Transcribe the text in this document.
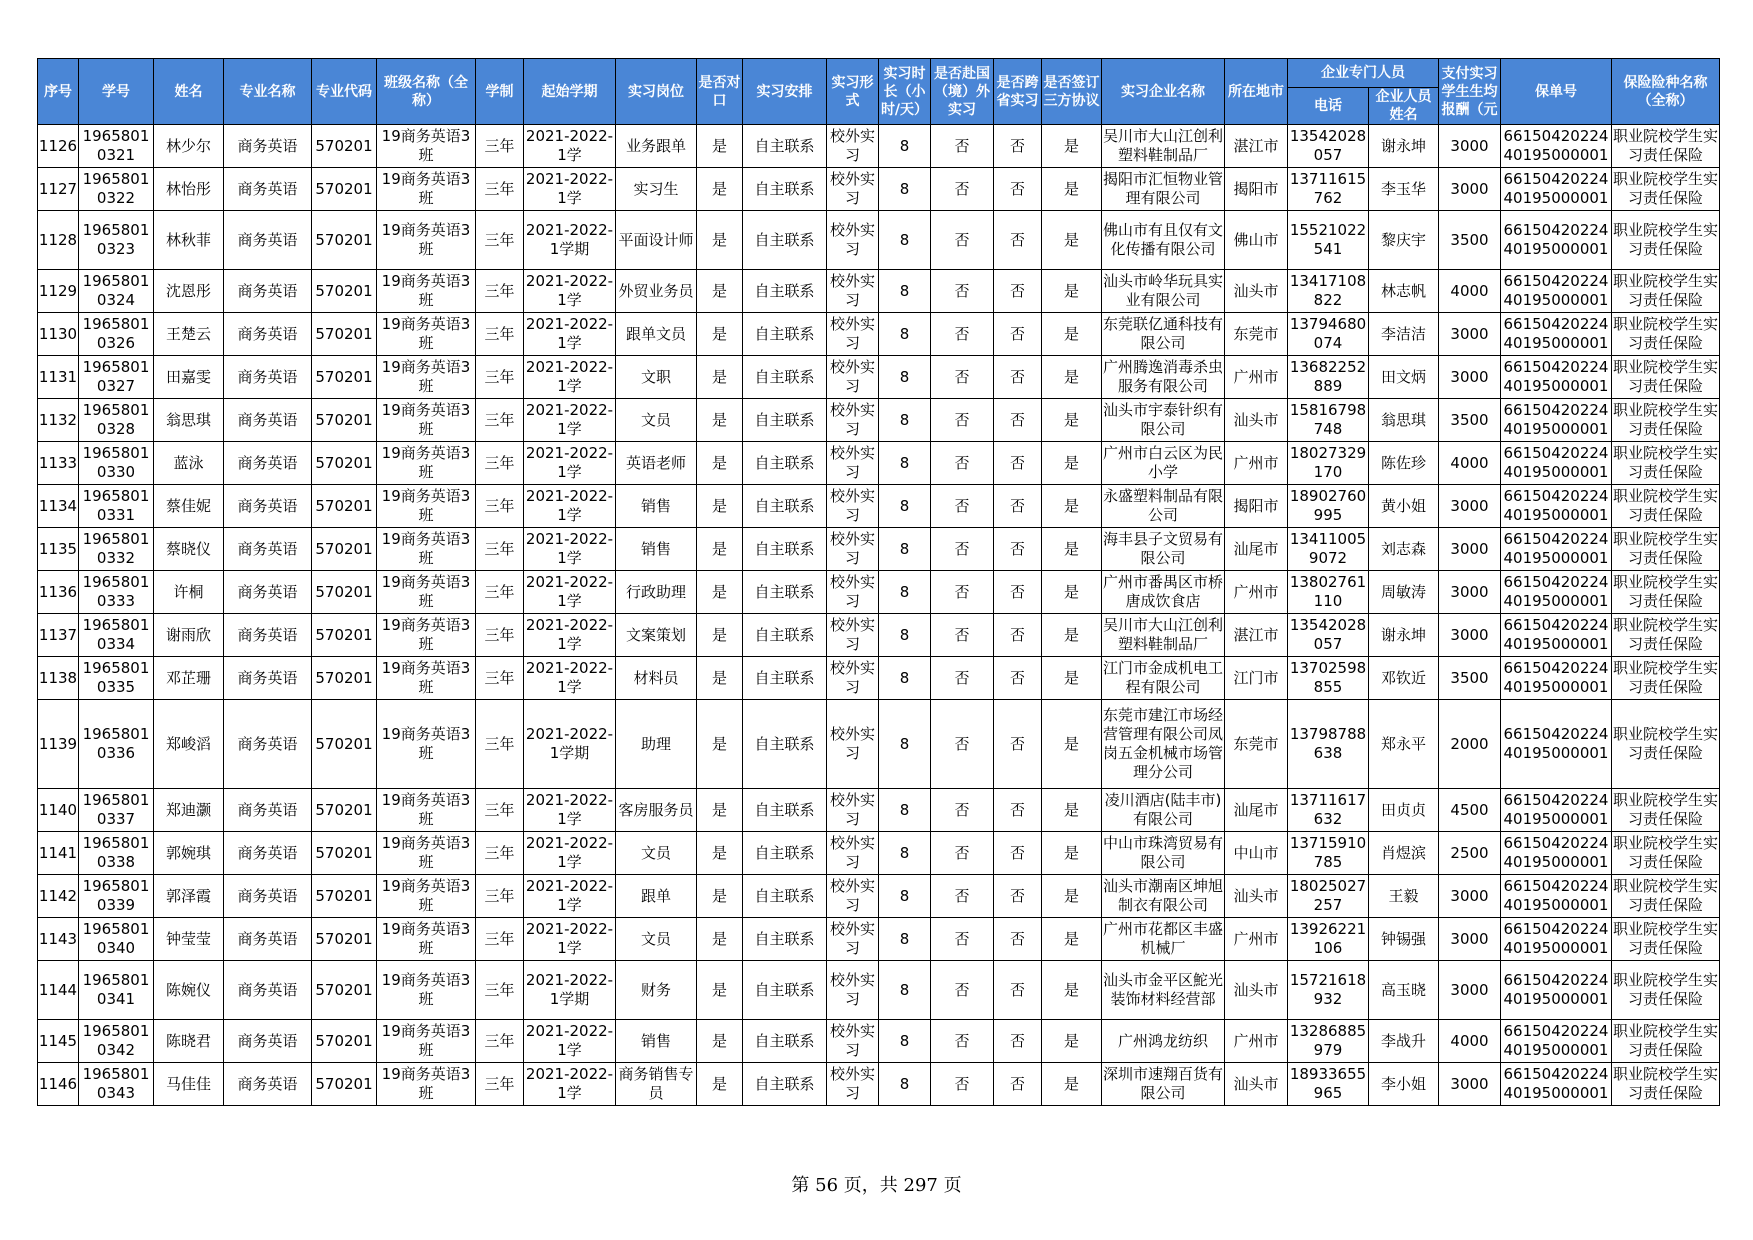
序号	学号	姓名	专业名称	专业代码	班级名称（全称）	学制	起始学期	实习岗位	是否对口	实习安排	实习形式	实习时长（小时/天）	是否赴国（境）外实习	是否跨省实习	是否签订三方协议	实习企业名称	所在地市	企业专门人员		支付实习学生生均报酬（元	保单号	保险险种名称（全称）
																		电话	企业人员姓名			

1126	19658010321	林少尔	商务英语	570201	19商务英语3班	三年	2021-2022-1学	业务跟单	是	自主联系	校外实习	8	否	否	是	吴川市大山江创利塑料鞋制品厂	湛江市	13542028057	谢永坤	3000	6615042022440195000001	职业院校学生实习责任保险

1127	19658010322	林怡彤	商务英语	570201	19商务英语3班	三年	2021-2022-1学	实习生	是	自主联系	校外实习	8	否	否	是	揭阳市汇恒物业管理有限公司	揭阳市	13711615762	李玉华	3000	6615042022440195000001	职业院校学生实习责任保险

1128	19658010323	林秋菲	商务英语	570201	19商务英语3班	三年	2021-2022-1学期	平面设计师	是	自主联系	校外实习	8	否	否	是	佛山市有且仅有文化传播有限公司	佛山市	15521022541	黎庆宇	3500	6615042022440195000001	职业院校学生实习责任保险

1129	19658010324	沈恩彤	商务英语	570201	19商务英语3班	三年	2021-2022-1学	外贸业务员	是	自主联系	校外实习	8	否	否	是	汕头市岭华玩具实业有限公司	汕头市	13417108822	林志帆	4000	6615042022440195000001	职业院校学生实习责任保险

1130	19658010326	王楚云	商务英语	570201	19商务英语3班	三年	2021-2022-1学	跟单文员	是	自主联系	校外实习	8	否	否	是	东莞联亿通科技有限公司	东莞市	13794680074	李洁洁	3000	6615042022440195000001	职业院校学生实习责任保险

1131	19658010327	田嘉雯	商务英语	570201	19商务英语3班	三年	2021-2022-1学	文职	是	自主联系	校外实习	8	否	否	是	广州腾逸消毒杀虫服务有限公司	广州市	13682252889	田文炳	3000	6615042022440195000001	职业院校学生实习责任保险

1132	19658010328	翁思琪	商务英语	570201	19商务英语3班	三年	2021-2022-1学	文员	是	自主联系	校外实习	8	否	否	是	汕头市宇泰针织有限公司	汕头市	15816798748	翁思琪	3500	6615042022440195000001	职业院校学生实习责任保险

1133	19658010330	蓝泳	商务英语	570201	19商务英语3班	三年	2021-2022-1学	英语老师	是	自主联系	校外实习	8	否	否	是	广州市白云区为民小学	广州市	18027329170	陈佐珍	4000	6615042022440195000001	职业院校学生实习责任保险

1134	19658010331	蔡佳妮	商务英语	570201	19商务英语3班	三年	2021-2022-1学	销售	是	自主联系	校外实习	8	否	否	是	永盛塑料制品有限公司	揭阳市	18902760995	黄小姐	3000	6615042022440195000001	职业院校学生实习责任保险

1135	19658010332	蔡晓仪	商务英语	570201	19商务英语3班	三年	2021-2022-1学	销售	是	自主联系	校外实习	8	否	否	是	海丰县子文贸易有限公司	汕尾市	134110059072	刘志森	3000	6615042022440195000001	职业院校学生实习责任保险

1136	19658010333	许桐	商务英语	570201	19商务英语3班	三年	2021-2022-1学	行政助理	是	自主联系	校外实习	8	否	否	是	广州市番禺区市桥唐成饮食店	广州市	13802761110	周敏涛	3000	6615042022440195000001	职业院校学生实习责任保险

1137	19658010334	谢雨欣	商务英语	570201	19商务英语3班	三年	2021-2022-1学	文案策划	是	自主联系	校外实习	8	否	否	是	吴川市大山江创利塑料鞋制品厂	湛江市	13542028057	谢永坤	3000	6615042022440195000001	职业院校学生实习责任保险

1138	19658010335	邓芷珊	商务英语	570201	19商务英语3班	三年	2021-2022-1学	材料员	是	自主联系	校外实习	8	否	否	是	江门市金成机电工程有限公司	江门市	13702598855	邓钦近	3500	6615042022440195000001	职业院校学生实习责任保险

1139	19658010336	郑峻滔	商务英语	570201	19商务英语3班	三年	2021-2022-1学期	助理	是	自主联系	校外实习	8	否	否	是	东莞市建江市场经营管理有限公司凤岗五金机械市场管理分公司	东莞市	13798788638	郑永平	2000	6615042022440195000001	职业院校学生实习责任保险

1140	19658010337	郑迪灏	商务英语	570201	19商务英语3班	三年	2021-2022-1学	客房服务员	是	自主联系	校外实习	8	否	否	是	凌川酒店(陆丰市)有限公司	汕尾市	13711617632	田贞贞	4500	6615042022440195000001	职业院校学生实习责任保险

1141	19658010338	郭婉琪	商务英语	570201	19商务英语3班	三年	2021-2022-1学	文员	是	自主联系	校外实习	8	否	否	是	中山市珠湾贸易有限公司	中山市	13715910785	肖煜滨	2500	6615042022440195000001	职业院校学生实习责任保险

1142	19658010339	郭泽霞	商务英语	570201	19商务英语3班	三年	2021-2022-1学	跟单	是	自主联系	校外实习	8	否	否	是	汕头市潮南区坤旭制衣有限公司	汕头市	18025027257	王毅	3000	6615042022440195000001	职业院校学生实习责任保险

1143	19658010340	钟莹莹	商务英语	570201	19商务英语3班	三年	2021-2022-1学	文员	是	自主联系	校外实习	8	否	否	是	广州市花都区丰盛机械厂	广州市	13926221106	钟锡强	3000	6615042022440195000001	职业院校学生实习责任保险

1144	19658010341	陈婉仪	商务英语	570201	19商务英语3班	三年	2021-2022-1学期	财务	是	自主联系	校外实习	8	否	否	是	汕头市金平区鮀光装饰材料经营部	汕头市	15721618932	高玉晓	3000	6615042022440195000001	职业院校学生实习责任保险

1145	19658010342	陈晓君	商务英语	570201	19商务英语3班	三年	2021-2022-1学	销售	是	自主联系	校外实习	8	否	否	是	广州鸿龙纺织	广州市	13286885979	李战升	4000	6615042022440195000001	职业院校学生实习责任保险

1146	19658010343	马佳佳	商务英语	570201	19商务英语3班	三年	2021-2022-1学	商务销售专员	是	自主联系	校外实习	8	否	否	是	深圳市速翔百货有限公司	汕头市	18933655965	李小姐	3000	6615042022440195000001	职业院校学生实习责任保险
第 56 页，共 297 页
